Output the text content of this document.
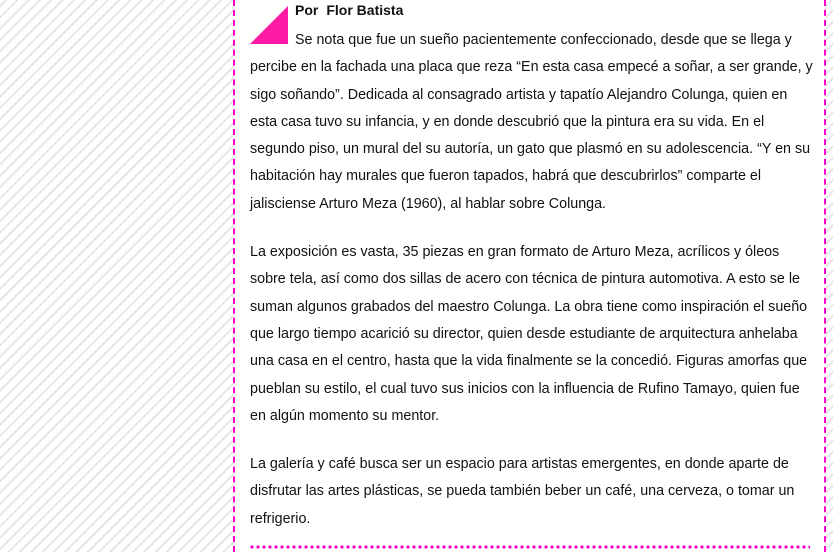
Por Flor Batista

Se nota que fue un sueño pacientemente confeccionado, desde que se llega y percibe en la fachada una placa que reza “En esta casa empecé a soñar, a ser grande, y sigo soñando”. Dedicada al consagrado artista y tapatío Alejandro Colunga, quien en esta casa tuvo su infancia, y en donde descubrió que la pintura era su vida. En el segundo piso, un mural del su autoría, un gato que plasmó en su adolescencia. “Y en su habitación hay murales que fueron tapados, habrá que descubrirlos” comparte el jalisciense Arturo Meza (1960), al hablar sobre Colunga.

La exposición es vasta, 35 piezas en gran formato de Arturo Meza, acrílicos y óleos sobre tela, así como dos sillas de acero con técnica de pintura automotiva. A esto se le suman algunos grabados del maestro Colunga. La obra tiene como inspiración el sueño que largo tiempo acarició su director, quien desde estudiante de arquitectura anhelaba una casa en el centro, hasta que la vida finalmente se la concedió. Figuras amorfas que pueblan su estilo, el cual tuvo sus inicios con la influencia de Rufino Tamayo, quien fue en algún momento su mentor.

La galería y café busca ser un espacio para artistas emergentes, en donde aparte de disfrutar las artes plásticas, se pueda también beber un café, una cerveza, o tomar un refrigerio.
